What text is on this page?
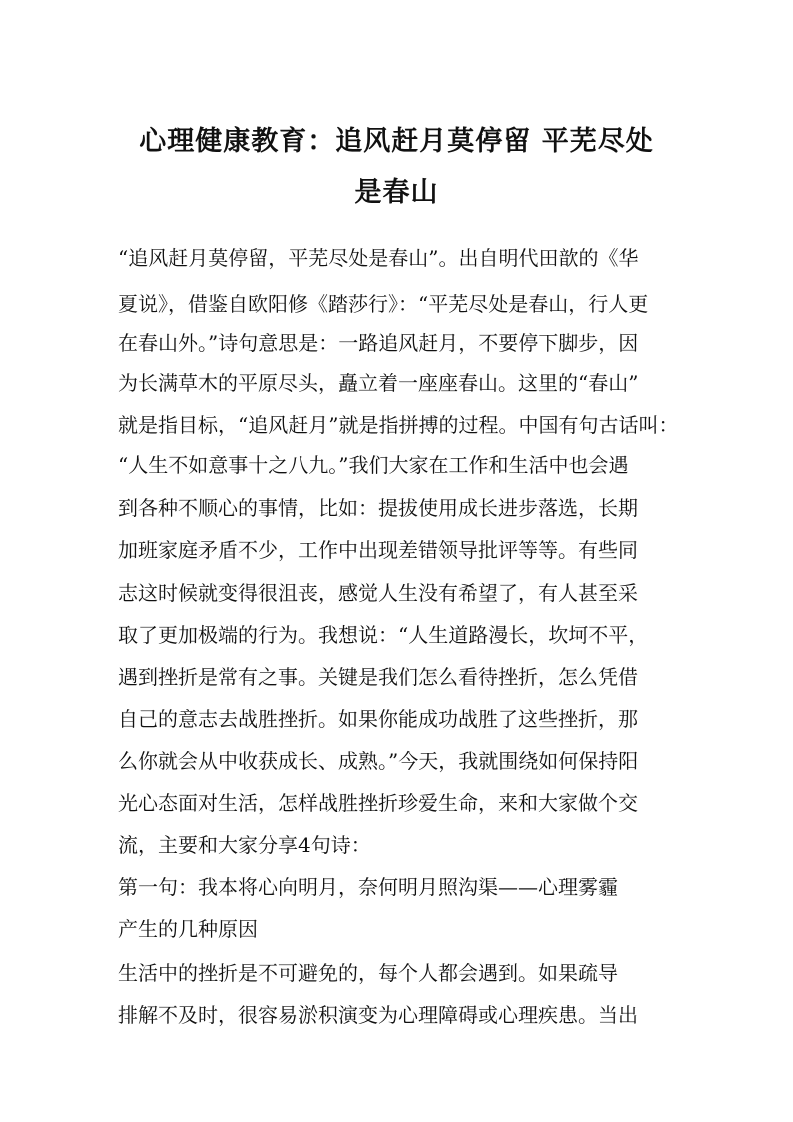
心理健康教育：追风赶月莫停留 平芜尽处
是春山
“追风赶月莫停留，平芜尽处是春山”。出自明代田歆的《华
夏说》，借鉴自欧阳修《踏莎行》：“平芜尽处是春山，行人更
在春山外。”诗句意思是：一路追风赶月，不要停下脚步，因
为长满草木的平原尽头，矗立着一座座春山。这里的“春山”
就是指目标，“追风赶月”就是指拼搏的过程。中国有句古话叫：
“人生不如意事十之八九。”我们大家在工作和生活中也会遇
到各种不顺心的事情，比如：提拔使用成长进步落选，长期
加班家庭矛盾不少，工作中出现差错领导批评等等。有些同
志这时候就变得很沮丧，感觉人生没有希望了，有人甚至采
取了更加极端的行为。我想说：“人生道路漫长，坎坷不平，
遇到挫折是常有之事。关键是我们怎么看待挫折，怎么凭借
自己的意志去战胜挫折。如果你能成功战胜了这些挫折，那
么你就会从中收获成长、成熟。”今天，我就围绕如何保持阳
光心态面对生活，怎样战胜挫折珍爱生命，来和大家做个交
流，主要和大家分享4句诗：
第一句：我本将心向明月，奈何明月照沟渠——心理雾霾
产生的几种原因
生活中的挫折是不可避免的，每个人都会遇到。如果疏导
排解不及时，很容易淤积演变为心理障碍或心理疾患。当出
